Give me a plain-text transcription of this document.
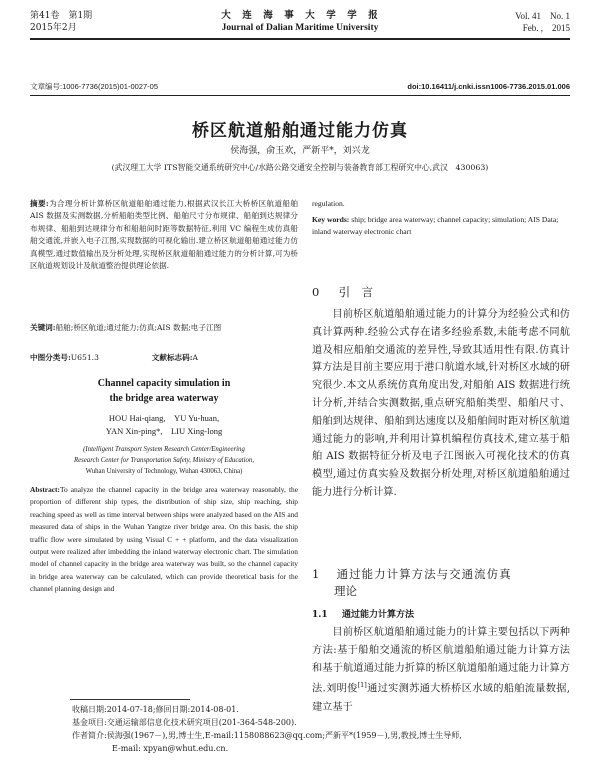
第41卷　第1期
2015年2月
大　连　海　事　大　学　学　报
Journal of Dalian Maritime University
Vol. 41　No. 1
Feb. ,　2015
文章编号:1006-7736(2015)01-0027-05	doi:10.16411/j.cnki.issn1006-7736.2015.01.006
桥区航道船舶通过能力仿真
侯海强，俞玉欢，严新平*，刘兴龙
(武汉理工大学 ITS智能交通系统研究中心/水路公路交通安全控制与装备教育部工程研究中心,武汉　430063)
摘要:为合理分析计算桥区航道船舶通过能力,根据武汉长江大桥桥区航道船舶 AIS 数据及实测数据,分析船舶类型比例、船舶尺寸分布规律、船舶到达规律分布规律、船舶到达规律分布和船舶间时距等数据特征,利用 VC 编程生成仿真船舶交通流,并嵌入电子江图,实现数据的可视化输出.建立桥区航道船舶通过能力仿真模型,通过数值输出及分析处理,实现桥区航道船舶通过能力的分析计算,可为桥区航道规划设计及航道整治提供理论依据.
关键词:船舶;桥区航道;通过能力;仿真;AIS 数据;电子江图
中图分类号:U651.3	文献标志码:A
Channel capacity simulation in
the bridge area waterway
HOU Hai-qiang,　YU Yu-huan,
YAN Xin-ping*,　LIU Xing-long
(Intelligent Transport System Research Center/Engineering
Research Center for Transportation Safety, Ministry of Education,
Wuhan University of Technology, Wuhan 430063, China)
Abstract:To analyze the channel capacity in the bridge area waterway reasonably, the proportion of different ship types, the distribution of ship size, ship reaching, ship reaching speed as well as time interval between ships were analyzed based on the AIS and measured data of ships in the Wuhan Yangtze river bridge area. On this basis, the ship traffic flow were simulated by using Visual C + + platform, and the data visualization output were realized after imbedding the inland waterway electronic chart. The simulation model of channel capacity in the bridge area waterway was built, so the channel capacity in bridge area waterway can be calculated, which can provide theoretical basis for the channel planning design and
regulation.
Key words: ship; bridge area waterway; channel capacity; simulation; AIS Data; inland waterway electronic chart
0 引　言
目前桥区航道船舶通过能力的计算分为经验公式和仿真计算两种.经验公式存在诸多经验系数,未能考虑不同航道及相应船舶交通流的差异性,导致其适用性有限.仿真计算方法是目前主要应用于港口航道水域,针对桥区水域的研究很少.本文从系统仿真角度出发,对船舶 AIS 数据进行统计分析,并结合实测数据,重点研究船舶类型、船舶尺寸、船舶到达规律、船舶到达速度以及船舶间时距对桥区航道通过能力的影响,并利用计算机编程仿真技术,建立基于船舶 AIS 数据特征分析及电子江图嵌入可视化技术的仿真模型,通过仿真实验及数据分析处理,对桥区航道船舶通过能力进行分析计算.
1 通过能力计算方法与交通流仿真
理论
1.1 通过能力计算方法
目前桥区航道船舶通过能力的计算主要包括以下两种方法:基于船舶交通流的桥区航道船舶通过能力计算方法和基于航道通过能力折算的桥区航道船舶通过能力计算方法.刘明俊[1]通过实测苏通大桥桥区水域的船舶流量数据,建立基于
收稿日期:2014-07-18;修回日期:2014-08-01.
基金项目:交通运输部信息化技术研究项目(201-364-548-200).
作者简介:侯海强(1967－),男,博士生,E-mail:1158088623@qq.com;严新平*(1959－),男,教授,博士生导师,
E-mail: xpyan@whut.edu.cn.
